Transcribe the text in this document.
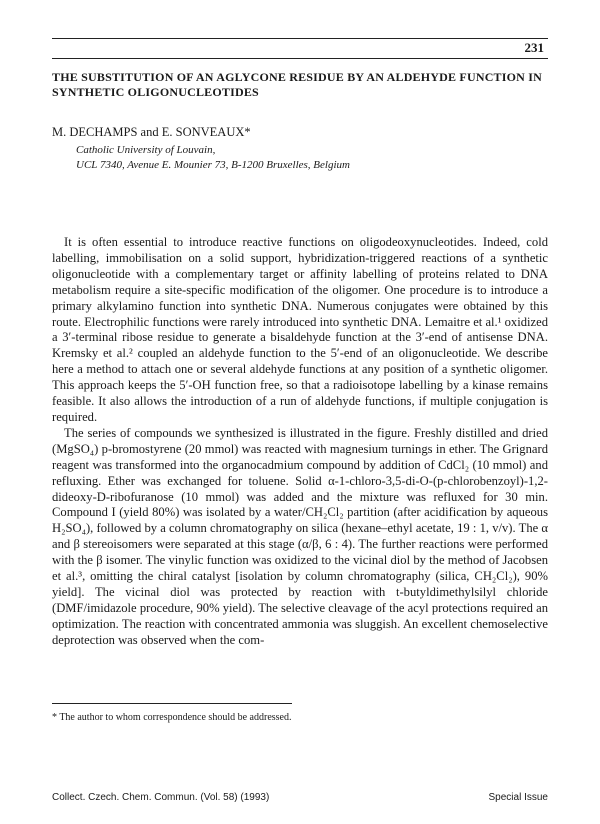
231
THE SUBSTITUTION OF AN AGLYCONE RESIDUE BY AN ALDEHYDE FUNCTION IN SYNTHETIC OLIGONUCLEOTIDES
M. DECHAMPS and E. SONVEAUX*
Catholic University of Louvain,
UCL 7340, Avenue E. Mounier 73, B-1200 Bruxelles, Belgium

It is often essential to introduce reactive functions on oligodeoxynucleotides. Indeed, cold labelling, immobilisation on a solid support, hybridization-triggered reactions of a synthetic oligonucleotide with a complementary target or affinity labelling of proteins related to DNA metabolism require a site-specific modification of the oligomer. One procedure is to introduce a primary alkylamino function into synthetic DNA. Numerous conjugates were obtained by this route. Electrophilic functions were rarely introduced into synthetic DNA. Lemaitre et al.¹ oxidized a 3′-terminal ribose residue to generate a bisaldehyde function at the 3′-end of antisense DNA. Kremsky et al.² coupled an aldehyde function to the 5′-end of an oligonucleotide. We describe here a method to attach one or several aldehyde functions at any position of a synthetic oligomer. This approach keeps the 5′-OH function free, so that a radioisotope labelling by a kinase remains feasible. It also allows the introduction of a run of aldehyde functions, if multiple conjugation is required.

The series of compounds we synthesized is illustrated in the figure. Freshly distilled and dried (MgSO₄) p-bromostyrene (20 mmol) was reacted with magnesium turnings in ether. The Grignard reagent was transformed into the organocadmium compound by addition of CdCl₂ (10 mmol) and refluxing. Ether was exchanged for toluene. Solid α-1-chloro-3,5-di-O-(p-chlorobenzoyl)-1,2-dideoxy-D-ribofuranose (10 mmol) was added and the mixture was refluxed for 30 min. Compound I (yield 80%) was isolated by a water/CH₂Cl₂ partition (after acidification by aqueous H₂SO₄), followed by a column chromatography on silica (hexane–ethyl acetate, 19 : 1, v/v). The α and β stereoisomers were separated at this stage (α/β, 6 : 4). The further reactions were performed with the β isomer. The vinylic function was oxidized to the vicinal diol by the method of Jacobsen et al.³, omitting the chiral catalyst [isolation by column chromatography (silica, CH₂Cl₂), 90% yield]. The vicinal diol was protected by reaction with t-butyldimethylsilyl chloride (DMF/imidazole procedure, 90% yield). The selective cleavage of the acyl protections required an optimization. The reaction with concentrated ammonia was sluggish. An excellent chemoselective deprotection was observed when the com-

* The author to whom correspondence should be addressed.
Collect. Czech. Chem. Commun. (Vol. 58) (1993)	Special Issue
